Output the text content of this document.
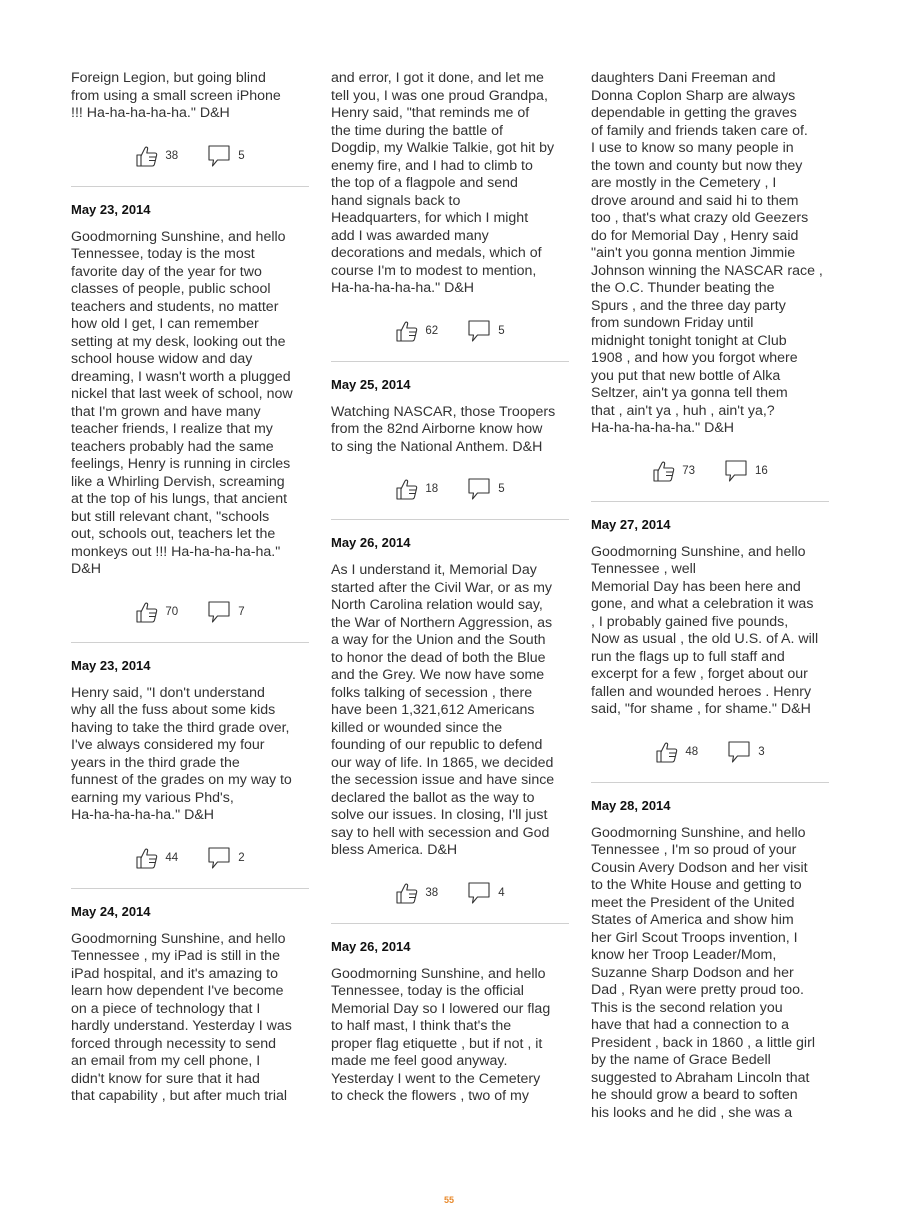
Foreign Legion, but going blind
from using a small screen iPhone
!!! Ha-ha-ha-ha-ha." D&H

38	5
May 23, 2014

Goodmorning Sunshine, and hello
Tennessee, today is the most
favorite day of the year for two
classes of people, public school
teachers and students, no matter
how old I get, I can remember
setting at my desk, looking out the
school house widow and day
dreaming, I wasn't worth a plugged
nickel that last week of school, now
that I'm grown and have many
teacher friends, I realize that my
teachers probably had the same
feelings, Henry is running in circles
like a Whirling Dervish, screaming
at the top of his lungs, that ancient
but still relevant chant, "schools
out, schools out, teachers let the
monkeys out !!! Ha-ha-ha-ha-ha."
D&H

70	7
May 23, 2014

Henry said, "I don't understand
why all the fuss about some kids
having to take the third grade over,
I've always considered my four
years in the third grade the
funnest of the grades on my way to
earning my various Phd's,
Ha-ha-ha-ha-ha." D&H

44	2
May 24, 2014

Goodmorning Sunshine, and hello
Tennessee , my iPad is still in the
iPad hospital, and it's amazing to
learn how dependent I've become
on a piece of technology that I
hardly understand. Yesterday I was
forced through necessity to send
an email from my cell phone, I
didn't know for sure that it had
that capability , but after much trial

and error, I got it done, and let me
tell you, I was one proud Grandpa,
Henry said, "that reminds me of
the time during the battle of
Dogdip, my Walkie Talkie, got hit by
enemy fire, and I had to climb to
the top of a flagpole and send
hand signals back to
Headquarters, for which I might
add I was awarded many
decorations and medals, which of
course I'm to modest to mention,
Ha-ha-ha-ha-ha." D&H

62	5
May 25, 2014

Watching NASCAR, those Troopers
from the 82nd Airborne know how
to sing the National Anthem. D&H

18	5
May 26, 2014

As I understand it, Memorial Day
started after the Civil War, or as my
North Carolina relation would say,
the War of Northern Aggression, as
a way for the Union and the South
to honor the dead of both the Blue
and the Grey. We now have some
folks talking of secession , there
have been 1,321,612 Americans
killed or wounded since the
founding of our republic to defend
our way of life. In 1865, we decided
the secession issue and have since
declared the ballot as the way to
solve our issues. In closing, I'll just
say to hell with secession and God
bless America. D&H

38	4
May 26, 2014

Goodmorning Sunshine, and hello
Tennessee, today is the official
Memorial Day so I lowered our flag
to half mast, I think that's the
proper flag etiquette , but if not , it
made me feel good anyway.
Yesterday I went to the Cemetery
to check the flowers , two of my

daughters Dani Freeman and
Donna Coplon Sharp are always
dependable in getting the graves
of family and friends taken care of.
I use to know so many people in
the town and county but now they
are mostly in the Cemetery , I
drove around and said hi to them
too , that's what crazy old Geezers
do for Memorial Day , Henry said
"ain't you gonna mention Jimmie
Johnson winning the NASCAR race ,
the O.C. Thunder beating the
Spurs , and the three day party
from sundown Friday until
midnight tonight tonight at Club
1908 , and how you forgot where
you put that new bottle of Alka
Seltzer, ain't ya gonna tell them
that , ain't ya , huh , ain't ya,?
Ha-ha-ha-ha-ha." D&H

73	16
May 27, 2014

Goodmorning Sunshine, and hello
Tennessee , well
Memorial Day has been here and
gone, and what a celebration it was
, I probably gained five pounds,
Now as usual , the old U.S. of A. will
run the flags up to full staff and
excerpt for a few , forget about our
fallen and wounded heroes . Henry
said, "for shame , for shame." D&H

48	3
May 28, 2014

Goodmorning Sunshine, and hello
Tennessee , I'm so proud of your
Cousin Avery Dodson and her visit
to the White House and getting to
meet the President of the United
States of America and show him
her Girl Scout Troops invention, I
know her Troop Leader/Mom,
Suzanne Sharp Dodson and her
Dad , Ryan were pretty proud too.
This is the second relation you
have that had a connection to a
President , back in 1860 , a little girl
by the name of Grace Bedell
suggested to Abraham Lincoln that
he should grow a beard to soften
his looks and he did , she was a

55
